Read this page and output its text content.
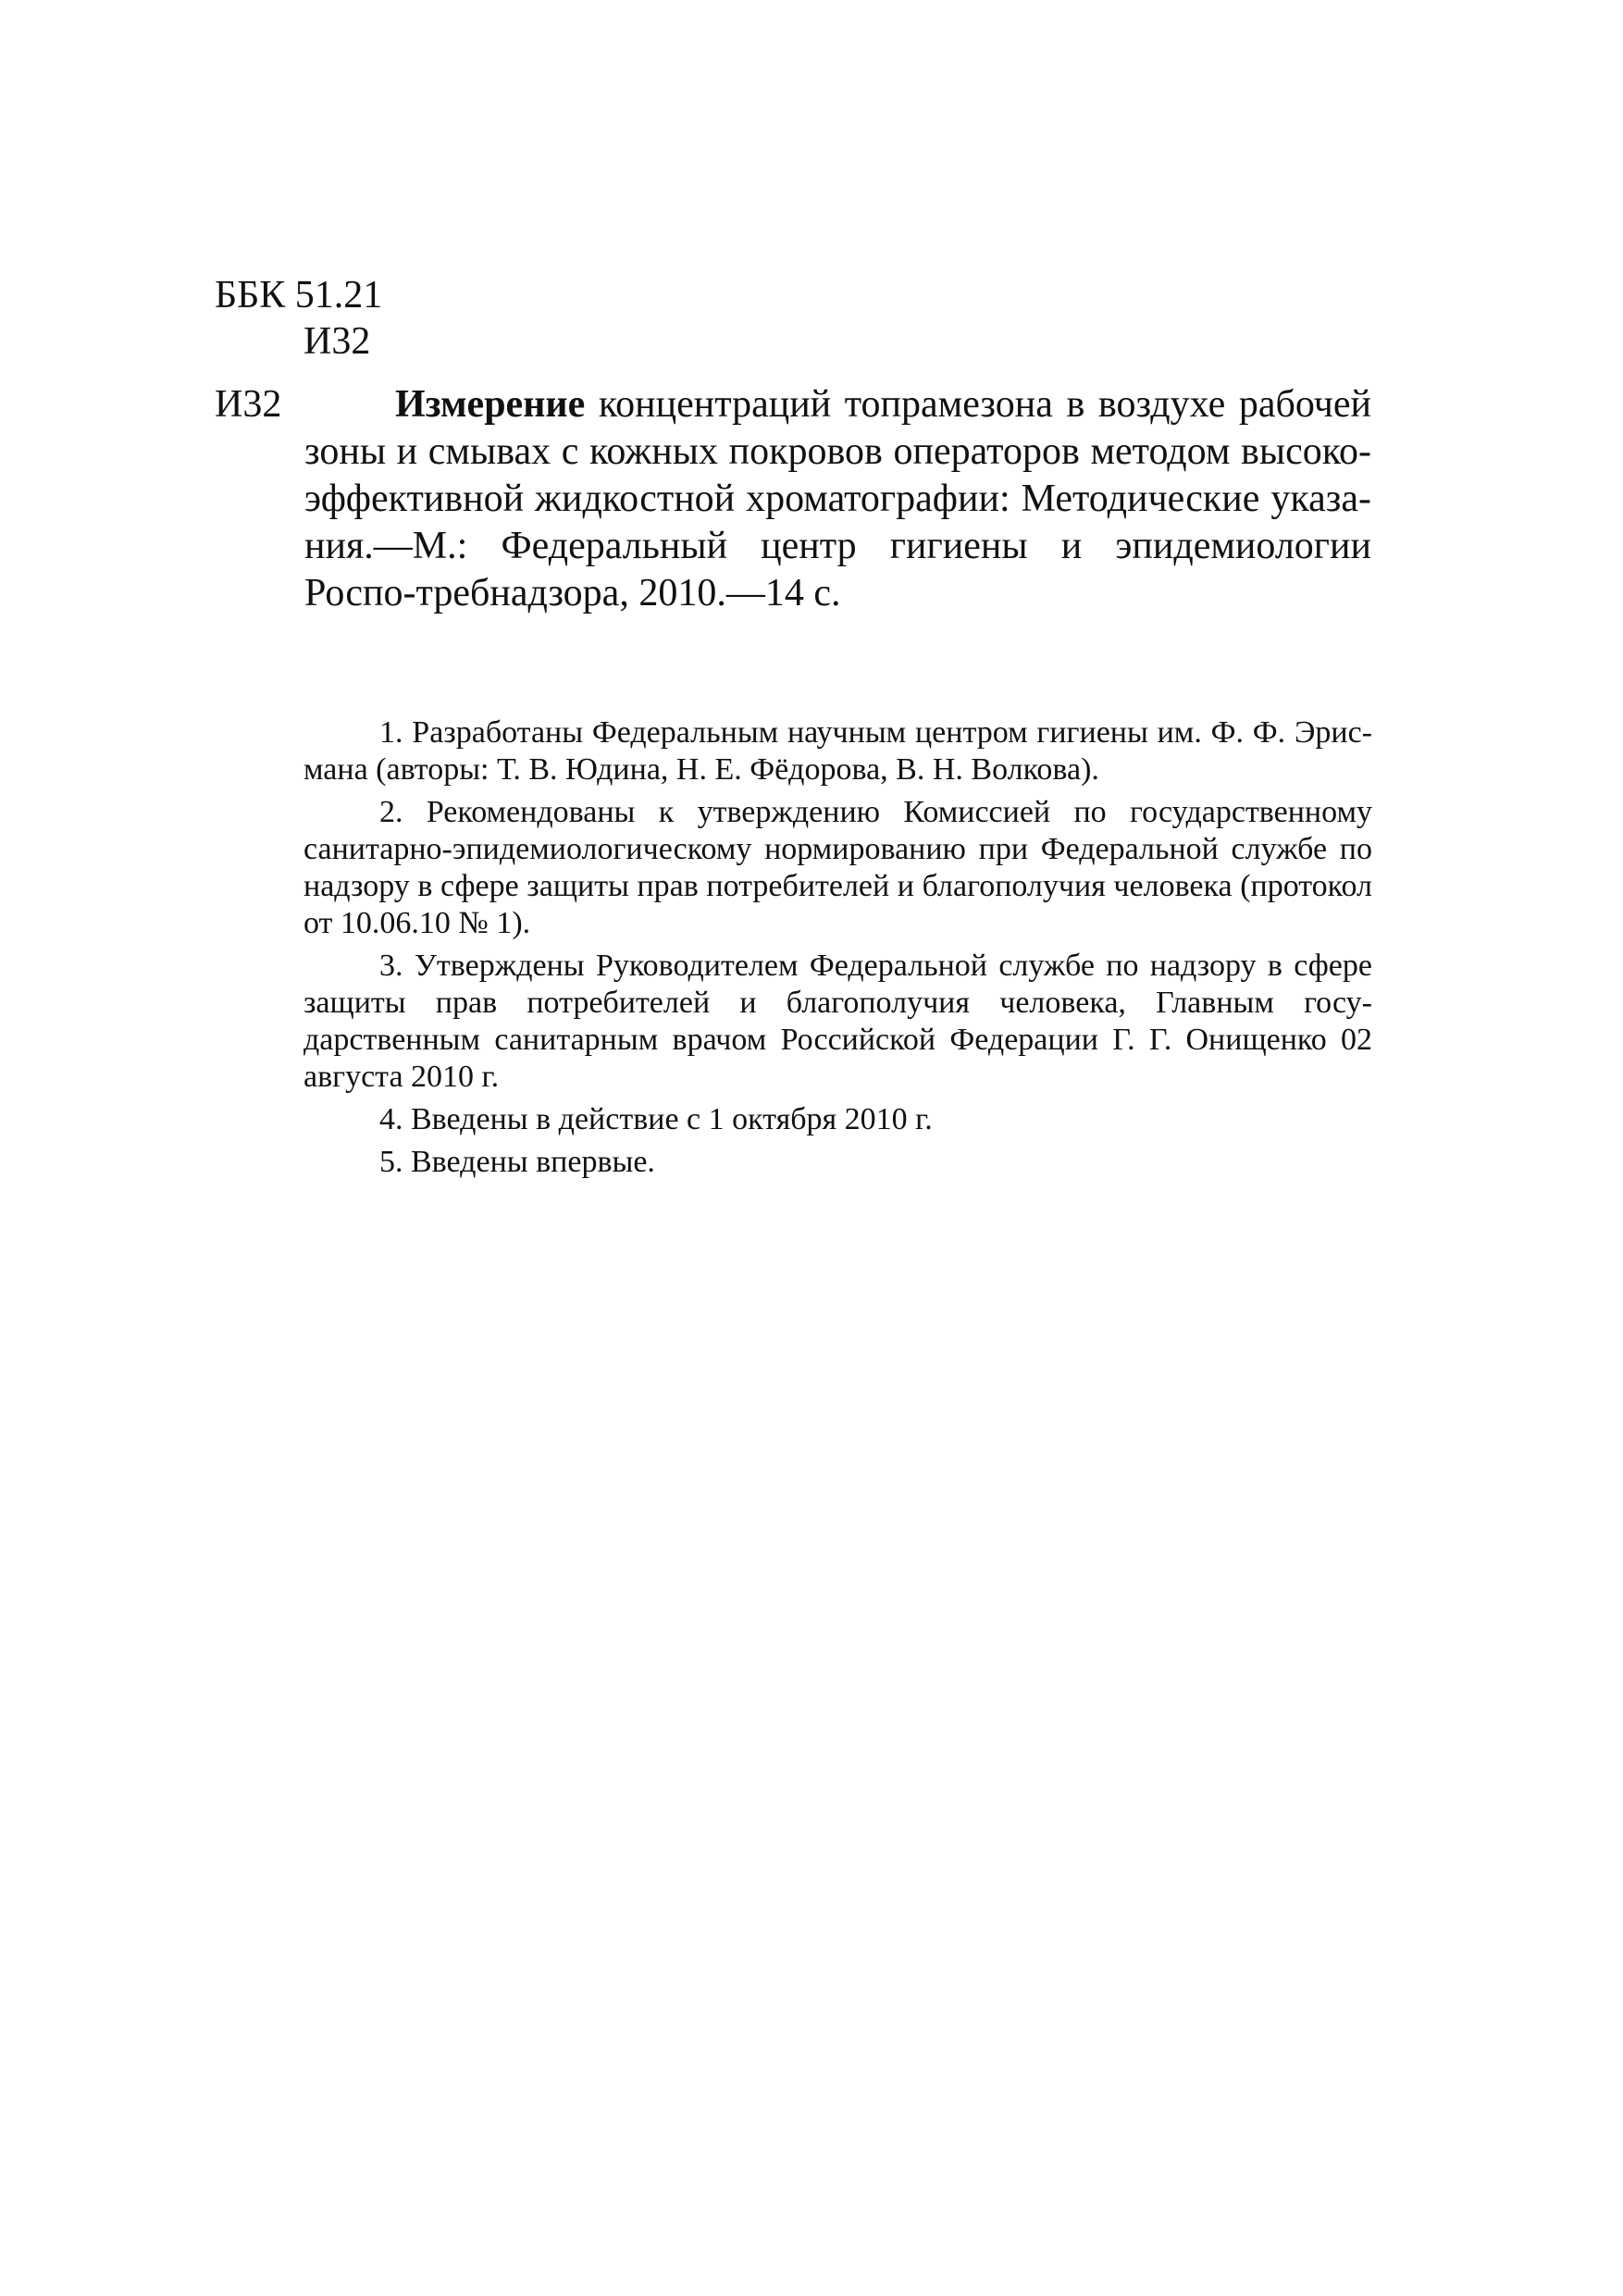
ББК 51.21
И32
И32	Измерение концентраций топрамезона в воздухе рабочей зоны и смывах с кожных покровов операторов методом высоко-эффективной жидкостной хроматографии: Методические указа-ния.—М.: Федеральный центр гигиены и эпидемиологии Роспо-требнадзора, 2010.—14 с.

1. Разработаны Федеральным научным центром гигиены им. Ф. Ф. Эрис-мана (авторы: Т. В. Юдина, Н. Е. Фёдорова, В. Н. Волкова).

2. Рекомендованы к утверждению Комиссией по государственному санитарно-эпидемиологическому нормированию при Федеральной службе по надзору в сфере защиты прав потребителей и благополучия человека (протокол от 10.06.10 № 1).

3. Утверждены Руководителем Федеральной службе по надзору в сфере защиты прав потребителей и благополучия человека, Главным госу-дарственным санитарным врачом Российской Федерации Г. Г. Онищенко 02 августа 2010 г.

4. Введены в действие с 1 октября 2010 г.

5. Введены впервые.
